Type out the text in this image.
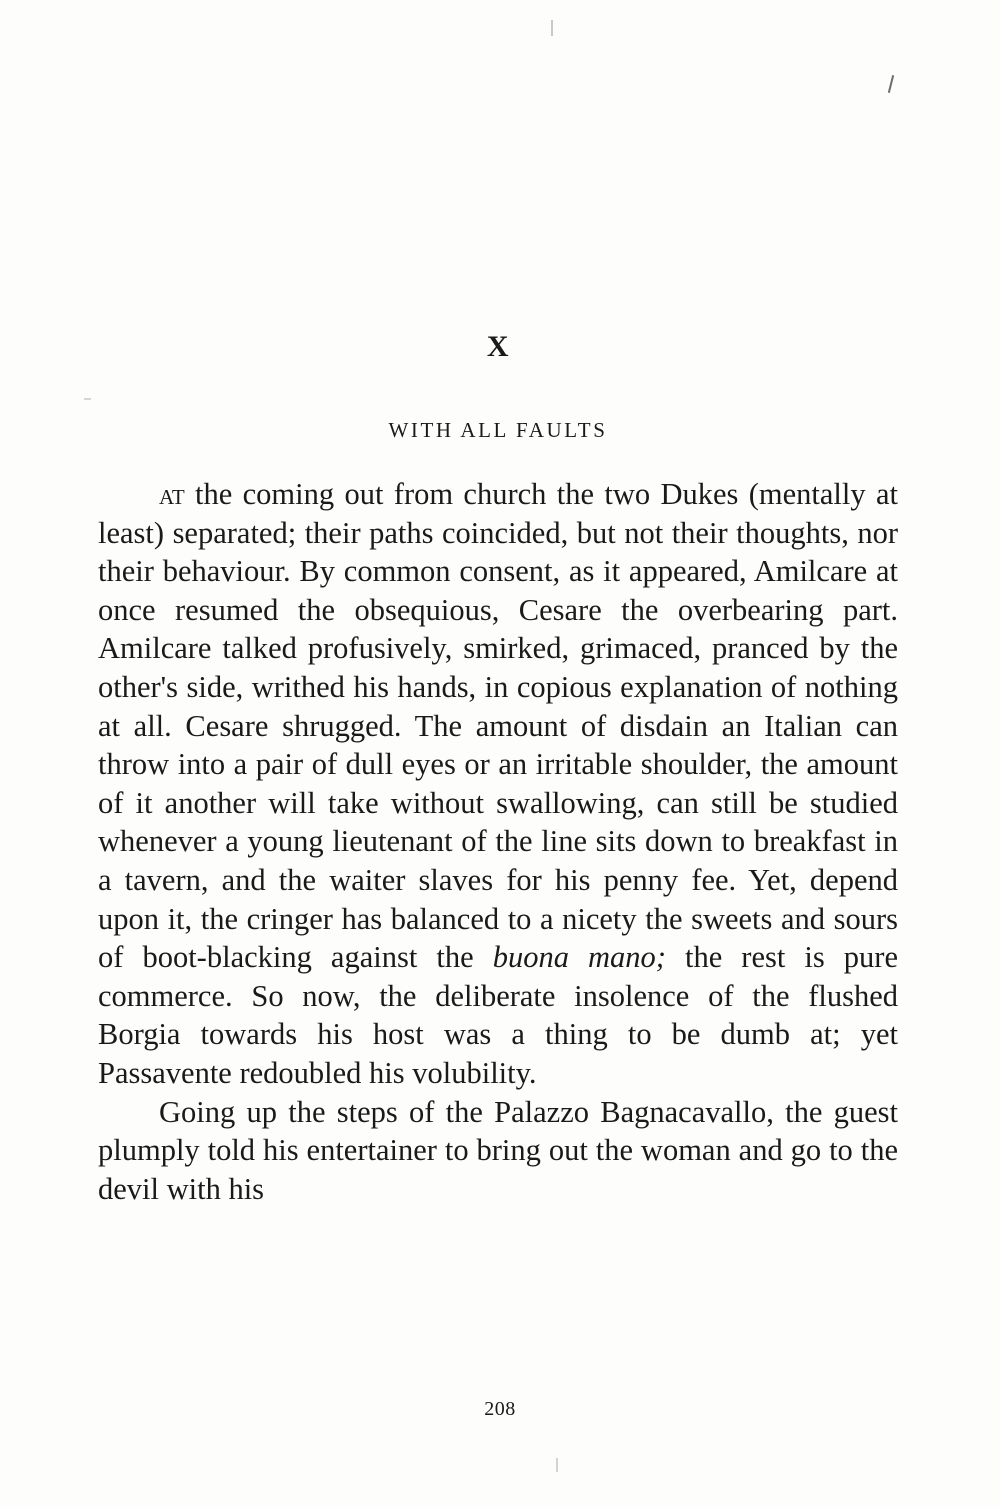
X
WITH ALL FAULTS

at the coming out from church the two Dukes (mentally at least) separated; their paths coincided, but not their thoughts, nor their behaviour. By common consent, as it appeared, Amilcare at once resumed the obsequious, Cesare the overbearing part. Amilcare talked profusively, smirked, grimaced, pranced by the other's side, writhed his hands, in copious explanation of nothing at all. Cesare shrugged. The amount of disdain an Italian can throw into a pair of dull eyes or an irritable shoulder, the amount of it another will take without swallowing, can still be studied whenever a young lieutenant of the line sits down to breakfast in a tavern, and the waiter slaves for his penny fee. Yet, depend upon it, the cringer has balanced to a nicety the sweets and sours of boot-blacking against the buona mano; the rest is pure commerce. So now, the deliberate insolence of the flushed Borgia towards his host was a thing to be dumb at; yet Passavente redoubled his volubility.

Going up the steps of the Palazzo Bagnacavallo, the guest plumply told his entertainer to bring out the woman and go to the devil with his

208
